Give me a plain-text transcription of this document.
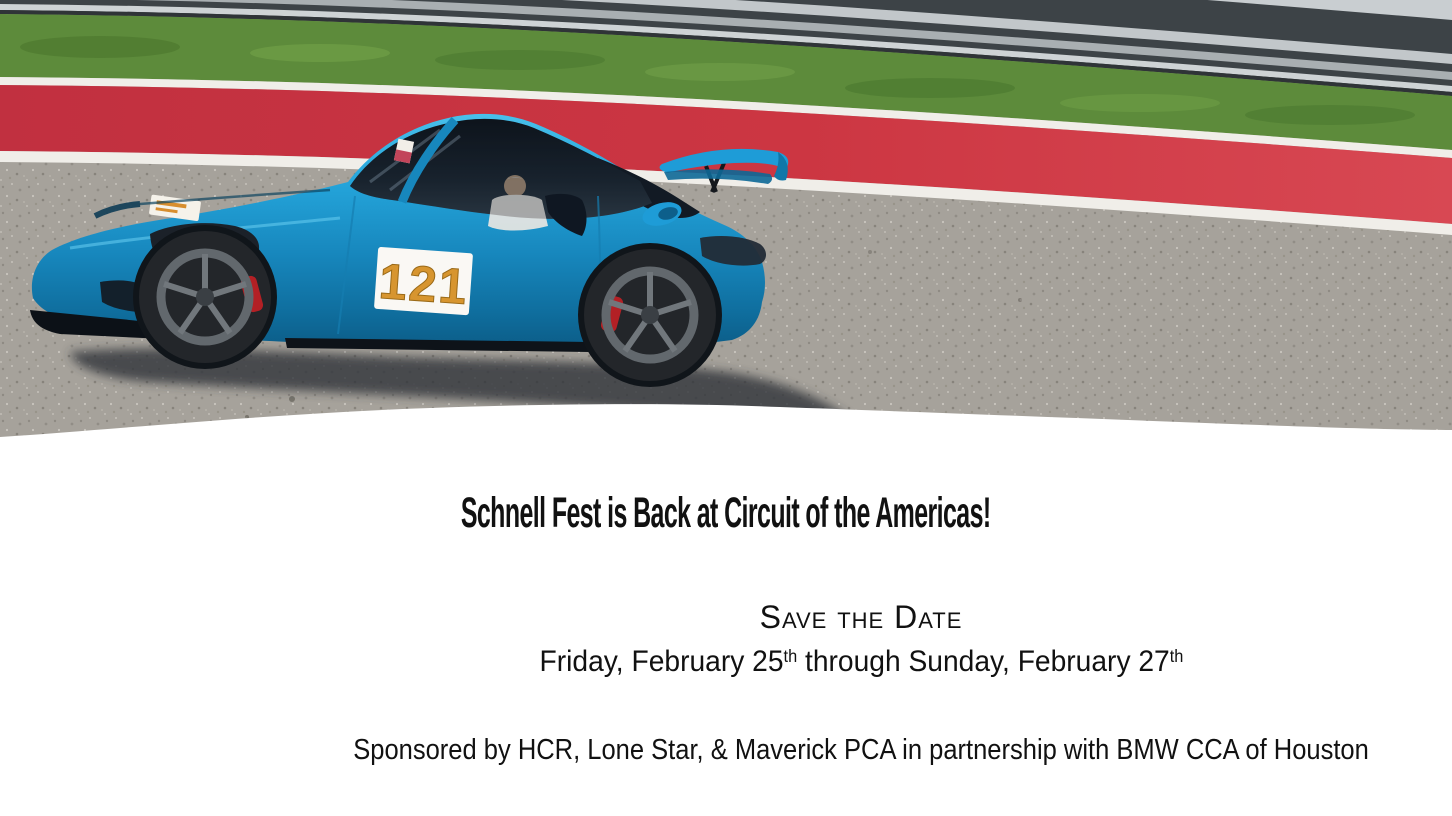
121
Schnell Fest is Back at Circuit of the Americas!
Save the Date
Friday, February 25th through Sunday, February 27th
Sponsored by HCR, Lone Star, & Maverick PCA in partnership with BMW CCA of Houston
